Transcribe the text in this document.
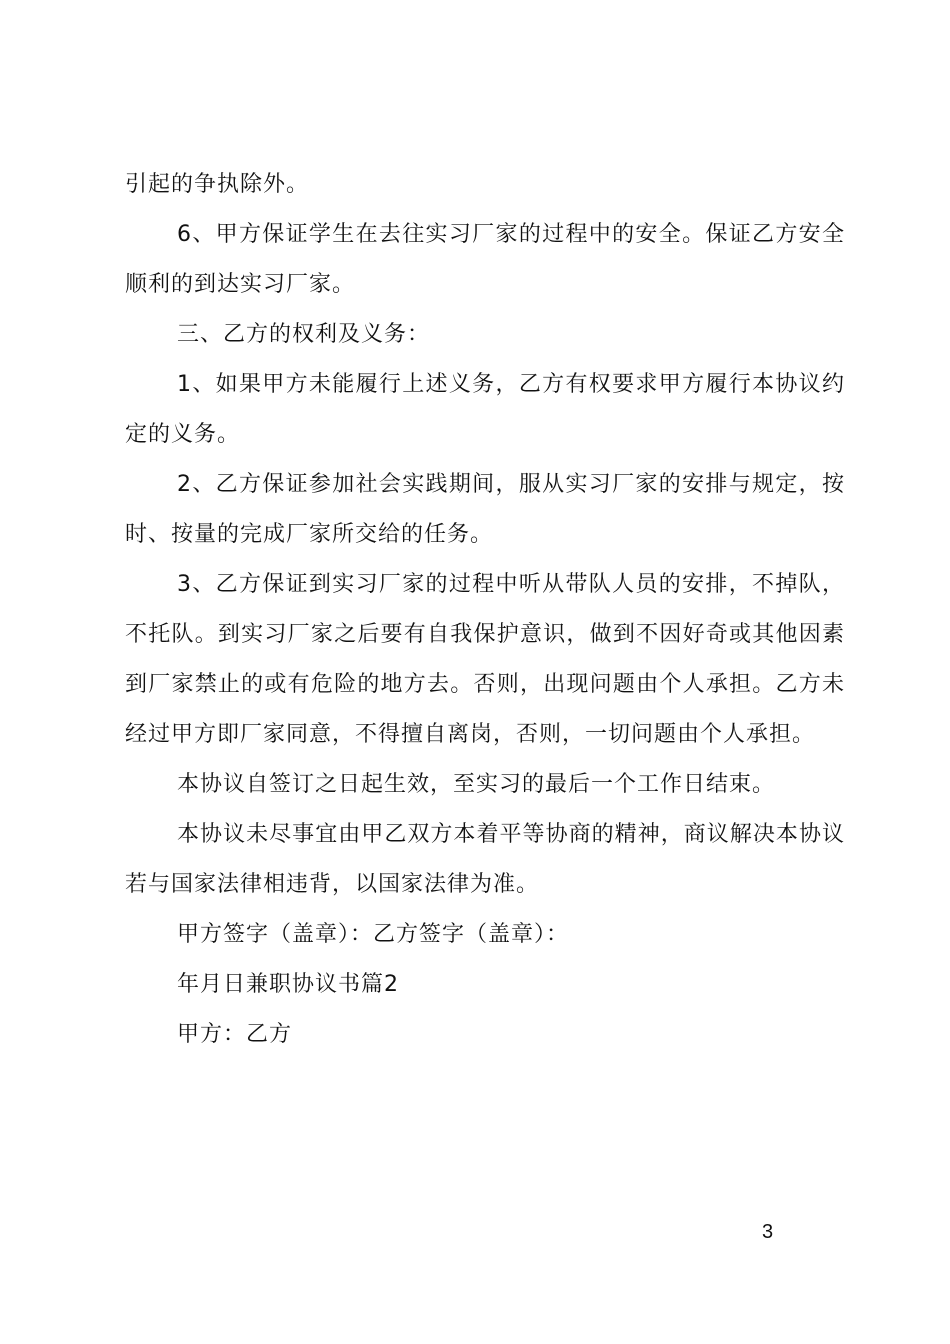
引起的争执除外。

6、甲方保证学生在去往实习厂家的过程中的安全。保证乙方安全顺利的到达实习厂家。

三、乙方的权利及义务：

1、如果甲方未能履行上述义务，乙方有权要求甲方履行本协议约定的义务。

2、乙方保证参加社会实践期间，服从实习厂家的安排与规定，按时、按量的完成厂家所交给的任务。

3、乙方保证到实习厂家的过程中听从带队人员的安排，不掉队，不托队。到实习厂家之后要有自我保护意识，做到不因好奇或其他因素到厂家禁止的或有危险的地方去。否则，出现问题由个人承担。乙方未经过甲方即厂家同意，不得擅自离岗，否则，一切问题由个人承担。

本协议自签订之日起生效，至实习的最后一个工作日结束。

本协议未尽事宜由甲乙双方本着平等协商的精神，商议解决本协议若与国家法律相违背，以国家法律为准。

甲方签字（盖章）：乙方签字（盖章）：

年月日兼职协议书篇2

甲方：乙方

3
